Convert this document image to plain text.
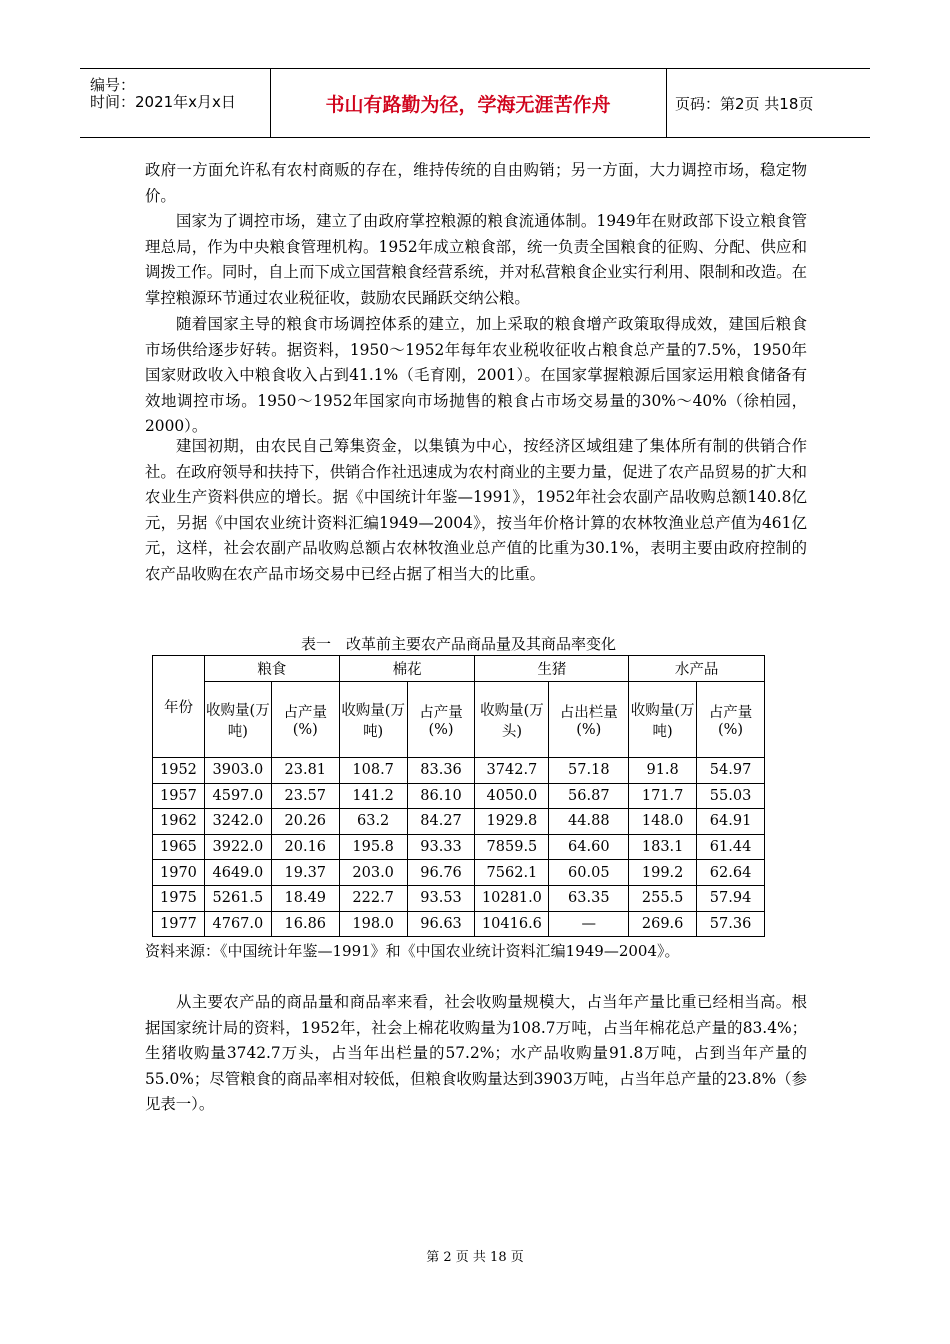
编号：
时间：2021年x月x日	书山有路勤为径，学海无涯苦作舟	页码：第2页 共18页

政府一方面允许私有农村商贩的存在，维持传统的自由购销；另一方面，大力调控市场，稳定物价。

国家为了调控市场，建立了由政府掌控粮源的粮食流通体制。1949年在财政部下设立粮食管理总局，作为中央粮食管理机构。1952年成立粮食部，统一负责全国粮食的征购、分配、供应和调拨工作。同时，自上而下成立国营粮食经营系统，并对私营粮食企业实行利用、限制和改造。在掌控粮源环节通过农业税征收，鼓励农民踊跃交纳公粮。

随着国家主导的粮食市场调控体系的建立，加上采取的粮食增产政策取得成效，建国后粮食市场供给逐步好转。据资料，1950～1952年每年农业税收征收占粮食总产量的7.5%，1950年国家财政收入中粮食收入占到41.1%（毛育刚，2001）。在国家掌握粮源后国家运用粮食储备有效地调控市场。1950～1952年国家向市场抛售的粮食占市场交易量的30%～40%（徐柏园，2000）。

建国初期，由农民自己筹集资金，以集镇为中心，按经济区域组建了集体所有制的供销合作社。在政府领导和扶持下，供销合作社迅速成为农村商业的主要力量，促进了农产品贸易的扩大和农业生产资料供应的增长。据《中国统计年鉴—1991》，1952年社会农副产品收购总额140.8亿元，另据《中国农业统计资料汇编1949—2004》，按当年价格计算的农林牧渔业总产值为461亿元，这样，社会农副产品收购总额占农林牧渔业总产值的比重为30.1%，表明主要由政府控制的农产品收购在农产品市场交易中已经占据了相当大的比重。

表一　改革前主要农产品商品量及其商品率变化
年份	粮食		棉花		生猪		水产品	
	收购量(万吨)	占产量(%)	收购量(万吨)	占产量(%)	收购量(万头)	占出栏量(%)	收购量(万吨)	占产量(%)
1952	3903.0	23.81	108.7	83.36	3742.7	57.18	91.8	54.97
1957	4597.0	23.57	141.2	86.10	4050.0	56.87	171.7	55.03
1962	3242.0	20.26	63.2	84.27	1929.8	44.88	148.0	64.91
1965	3922.0	20.16	195.8	93.33	7859.5	64.60	183.1	61.44
1970	4649.0	19.37	203.0	96.76	7562.1	60.05	199.2	62.64
1975	5261.5	18.49	222.7	93.53	10281.0	63.35	255.5	57.94
1977	4767.0	16.86	198.0	96.63	10416.6	—	269.6	57.36
资料来源：《中国统计年鉴—1991》和《中国农业统计资料汇编1949—2004》。

从主要农产品的商品量和商品率来看，社会收购量规模大，占当年产量比重已经相当高。根据国家统计局的资料，1952年，社会上棉花收购量为108.7万吨，占当年棉花总产量的83.4%；生猪收购量3742.7万头，占当年出栏量的57.2%；水产品收购量91.8万吨，占到当年产量的55.0%；尽管粮食的商品率相对较低，但粮食收购量达到3903万吨，占当年总产量的23.8%（参见表一）。

第 2 页 共 18 页
